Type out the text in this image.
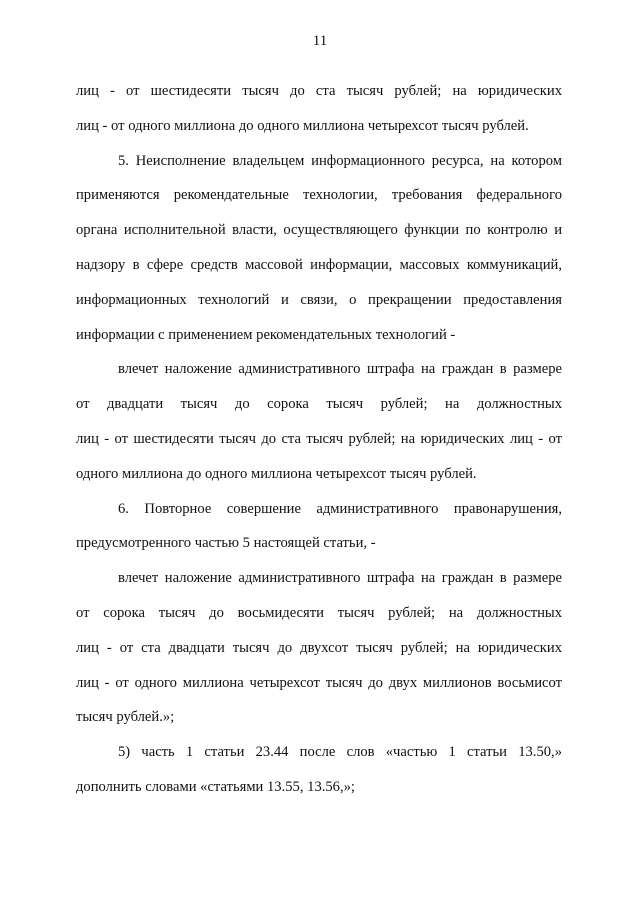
11
лиц - от шестидесяти тысяч до ста тысяч рублей; на юридических
лиц - от одного миллиона до одного миллиона четырехсот тысяч рублей.
5. Неисполнение владельцем информационного ресурса, на котором
применяются рекомендательные технологии, требования федерального
органа исполнительной власти, осуществляющего функции по контролю и
надзору в сфере средств массовой информации, массовых коммуникаций,
информационных технологий и связи, о прекращении предоставления
информации с применением рекомендательных технологий -
влечет наложение административного штрафа на граждан в размере
от двадцати тысяч до сорока тысяч рублей; на должностных
лиц - от шестидесяти тысяч до ста тысяч рублей; на юридических лиц - от
одного миллиона до одного миллиона четырехсот тысяч рублей.
6. Повторное совершение административного правонарушения,
предусмотренного частью 5 настоящей статьи, -
влечет наложение административного штрафа на граждан в размере
от сорока тысяч до восьмидесяти тысяч рублей; на должностных
лиц - от ста двадцати тысяч до двухсот тысяч рублей; на юридических
лиц - от одного миллиона четырехсот тысяч до двух миллионов восьмисот
тысяч рублей.»;
5) часть 1 статьи 23.44 после слов «частью 1 статьи 13.50,»
дополнить словами «статьями 13.55, 13.56,»;
